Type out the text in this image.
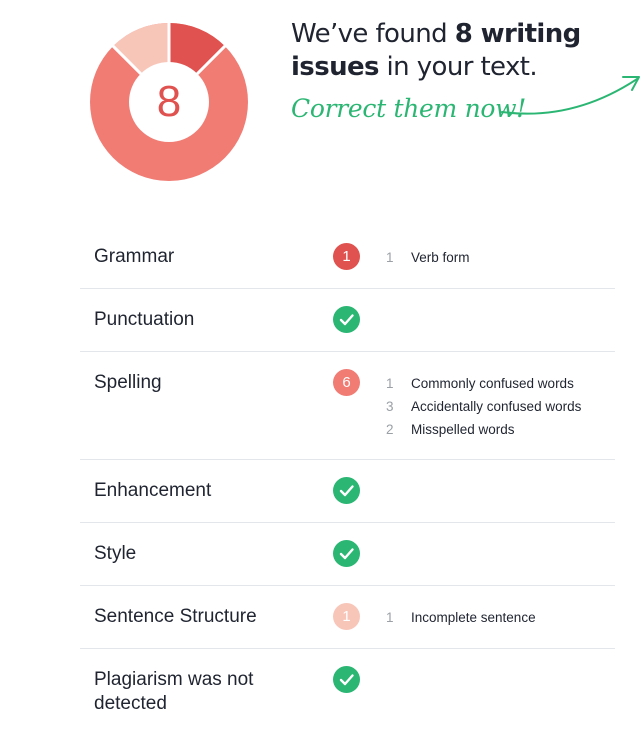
8
We’ve found 8 writing
issues in your text.
Correct them now!
Grammar	1	1 Verb form
Punctuation
Spelling	6	1 Commonly confused words
3 Accidentally confused words
2 Misspelled words
Enhancement
Style
Sentence Structure	1	1 Incomplete sentence
Plagiarism was not detected
